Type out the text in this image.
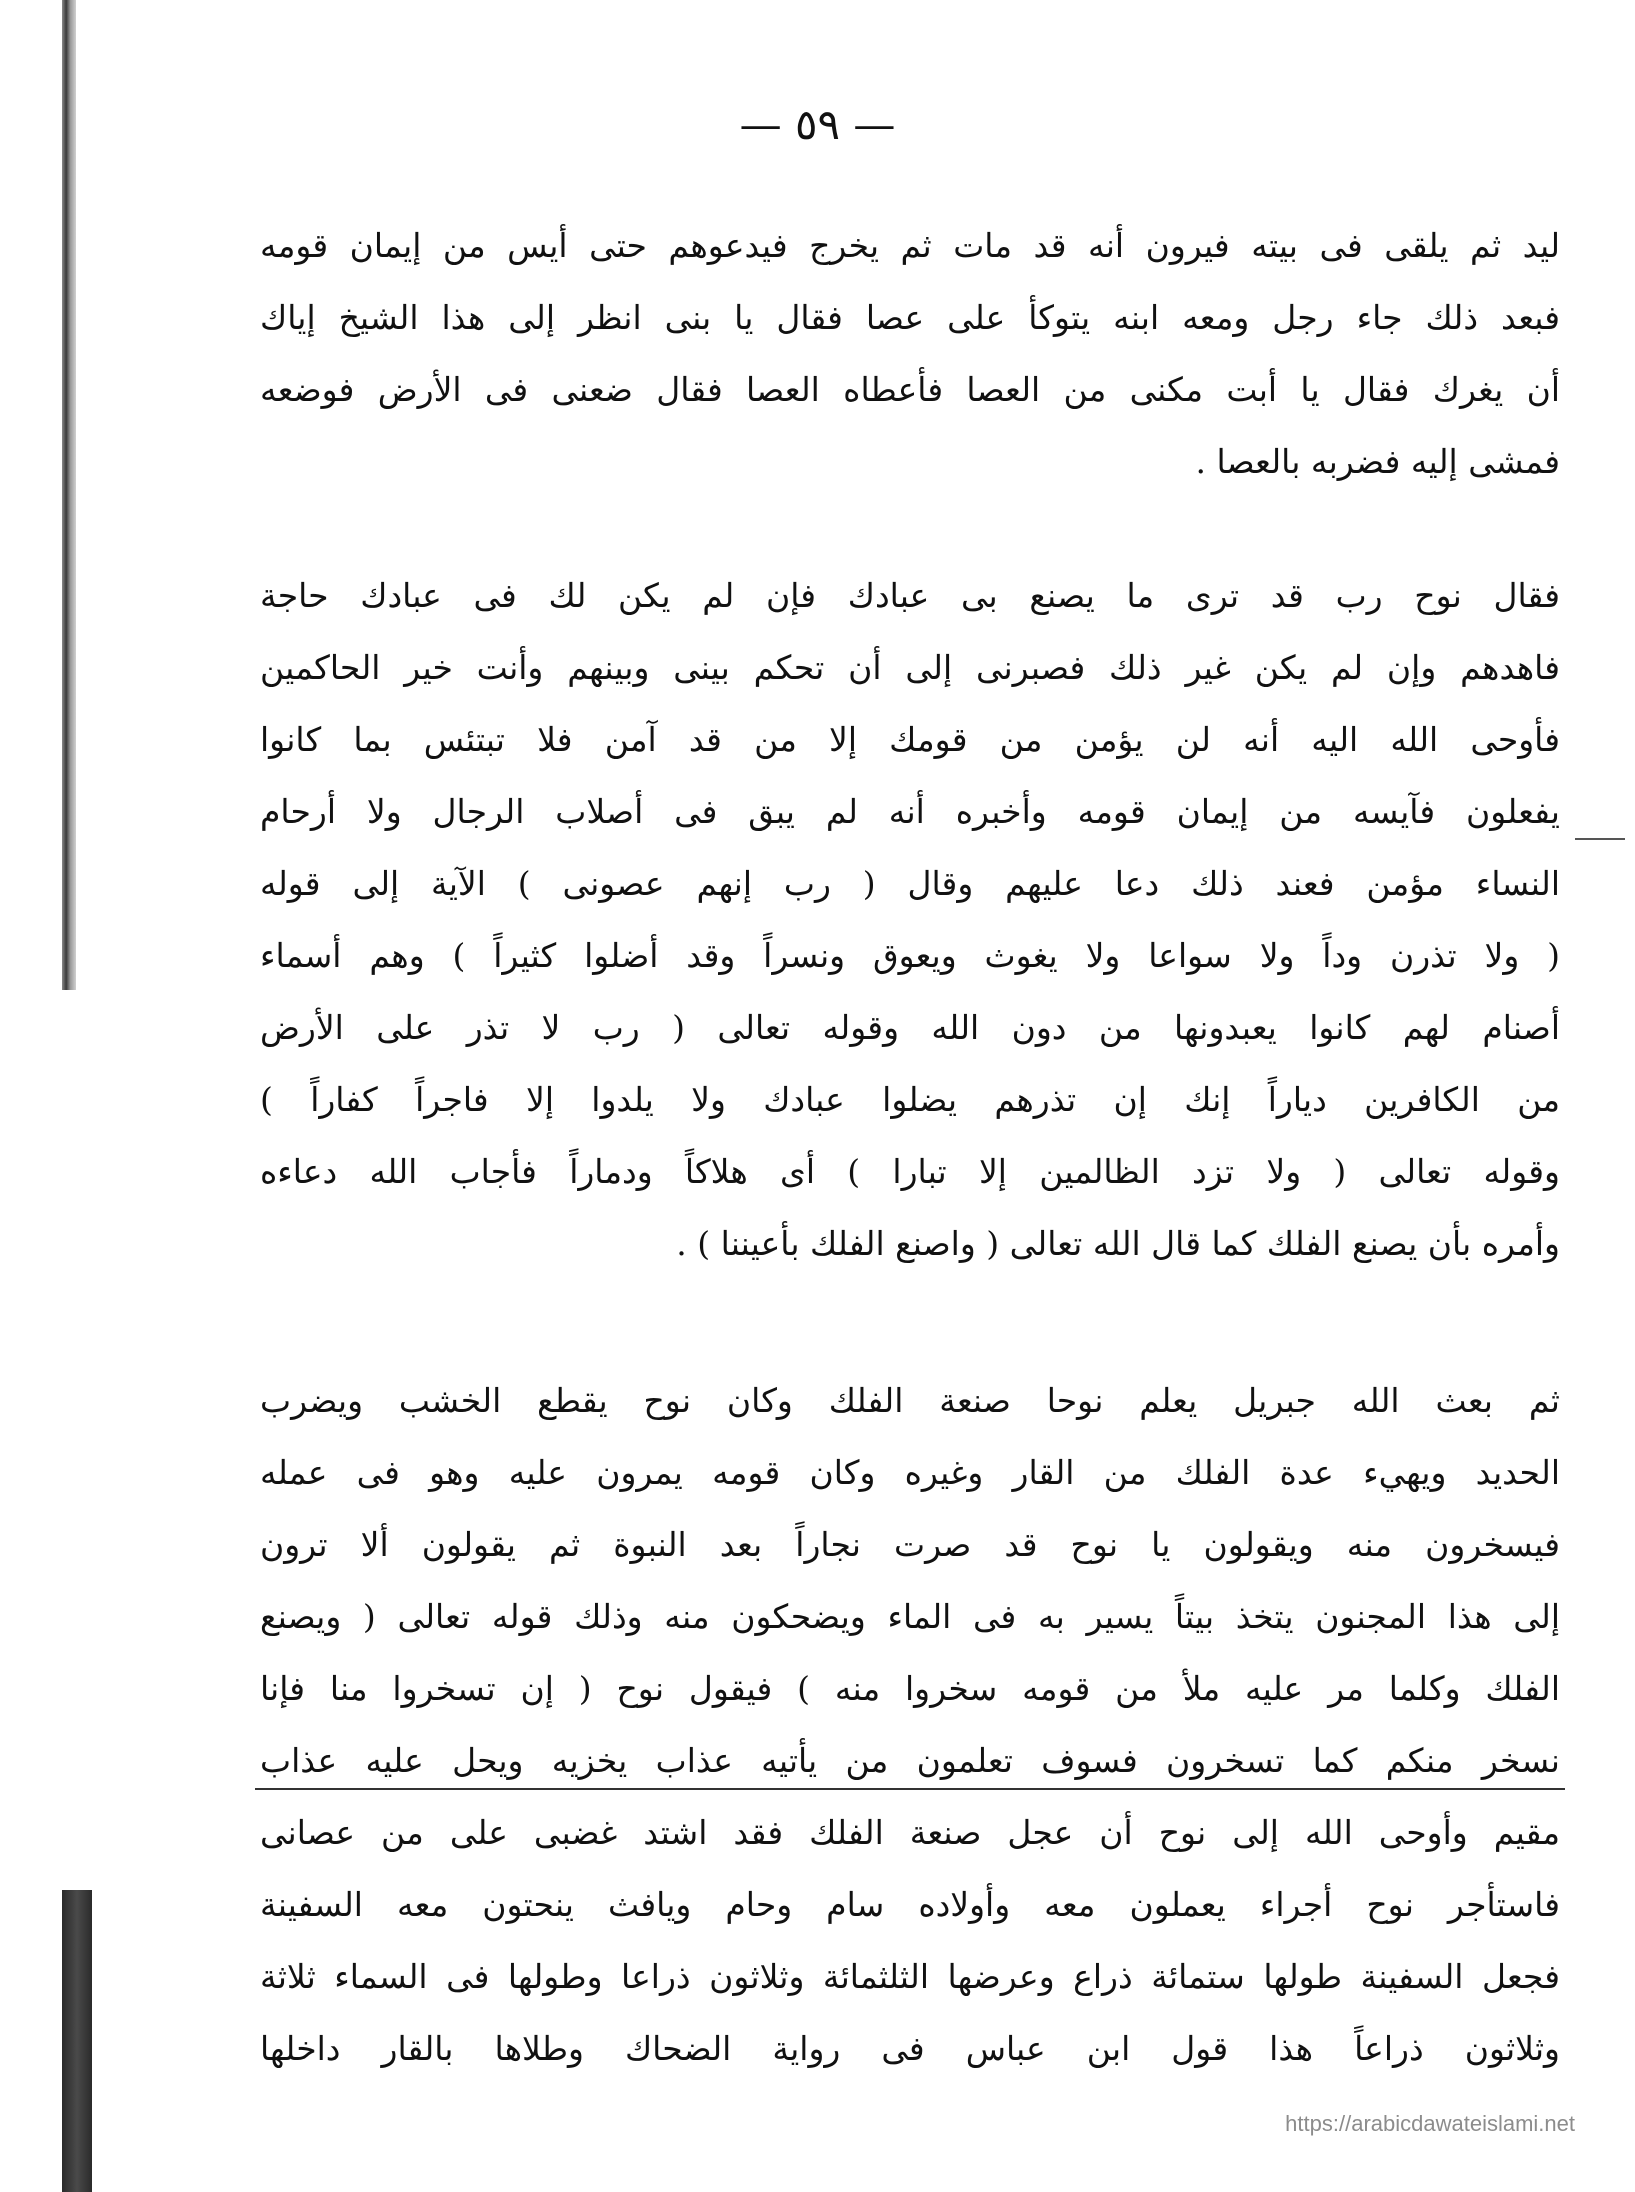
— ٥٩ —
ليد ثم يلقى فى بيته فيرون أنه قد مات ثم يخرج فيدعوهم حتى أيس من إيمان قومه
فبعد ذلك جاء رجل ومعه ابنه يتوكأ على عصا فقال يا بنى انظر إلى هذا الشيخ إياك
أن يغرك فقال يا أبت مكنى من العصا فأعطاه العصا فقال ضعنى فى الأرض فوضعه
فمشى إليه فضربه بالعصا .
فقال نوح رب قد ترى ما يصنع بى عبادك فإن لم يكن لك فى عبادك حاجة
فاهدهم وإن لم يكن غير ذلك فصبرنى إلى أن تحكم بينى وبينهم وأنت خير الحاكمين
فأوحى الله اليه أنه لن يؤمن من قومك إلا من قد آمن فلا تبتئس بما كانوا
يفعلون فآيسه من إيمان قومه وأخبره أنه لم يبق فى أصلاب الرجال ولا أرحام
النساء مؤمن فعند ذلك دعا عليهم وقال ( رب إنهم عصونى ) الآية إلى قوله
( ولا تذرن وداً ولا سواعا ولا يغوث ويعوق ونسراً وقد أضلوا كثيراً ) وهم أسماء
أصنام لهم كانوا يعبدونها من دون الله وقوله تعالى ( رب لا تذر على الأرض
من الكافرين دياراً إنك إن تذرهم يضلوا عبادك ولا يلدوا إلا فاجراً كفاراً )
وقوله تعالى ( ولا تزد الظالمين إلا تبارا ) أى هلاكاً ودماراً فأجاب الله دعاءه
وأمره بأن يصنع الفلك كما قال الله تعالى ( واصنع الفلك بأعيننا ) .
ثم بعث الله جبريل يعلم نوحا صنعة الفلك وكان نوح يقطع الخشب ويضرب
الحديد ويهيء عدة الفلك من القار وغيره وكان قومه يمرون عليه وهو فى عمله
فيسخرون منه ويقولون يا نوح قد صرت نجاراً بعد النبوة ثم يقولون ألا ترون
إلى هذا المجنون يتخذ بيتاً يسير به فى الماء ويضحكون منه وذلك قوله تعالى ( ويصنع
الفلك وكلما مر عليه ملأ من قومه سخروا منه ) فيقول نوح ( إن تسخروا منا فإنا
نسخر منكم كما تسخرون فسوف تعلمون من يأتيه عذاب يخزيه ويحل عليه عذاب
مقيم وأوحى الله إلى نوح أن عجل صنعة الفلك فقد اشتد غضبى على من عصانى
فاستأجر نوح أجراء يعملون معه وأولاده سام وحام ويافث ينحتون معه السفينة
فجعل السفينة طولها ستمائة ذراع وعرضها الثلثمائة وثلاثون ذراعا وطولها فى السماء ثلاثة
وثلاثون ذراعاً هذا قول ابن عباس فى رواية الضحاك وطلاها بالقار داخلها
https://arabicdawateislami.net
